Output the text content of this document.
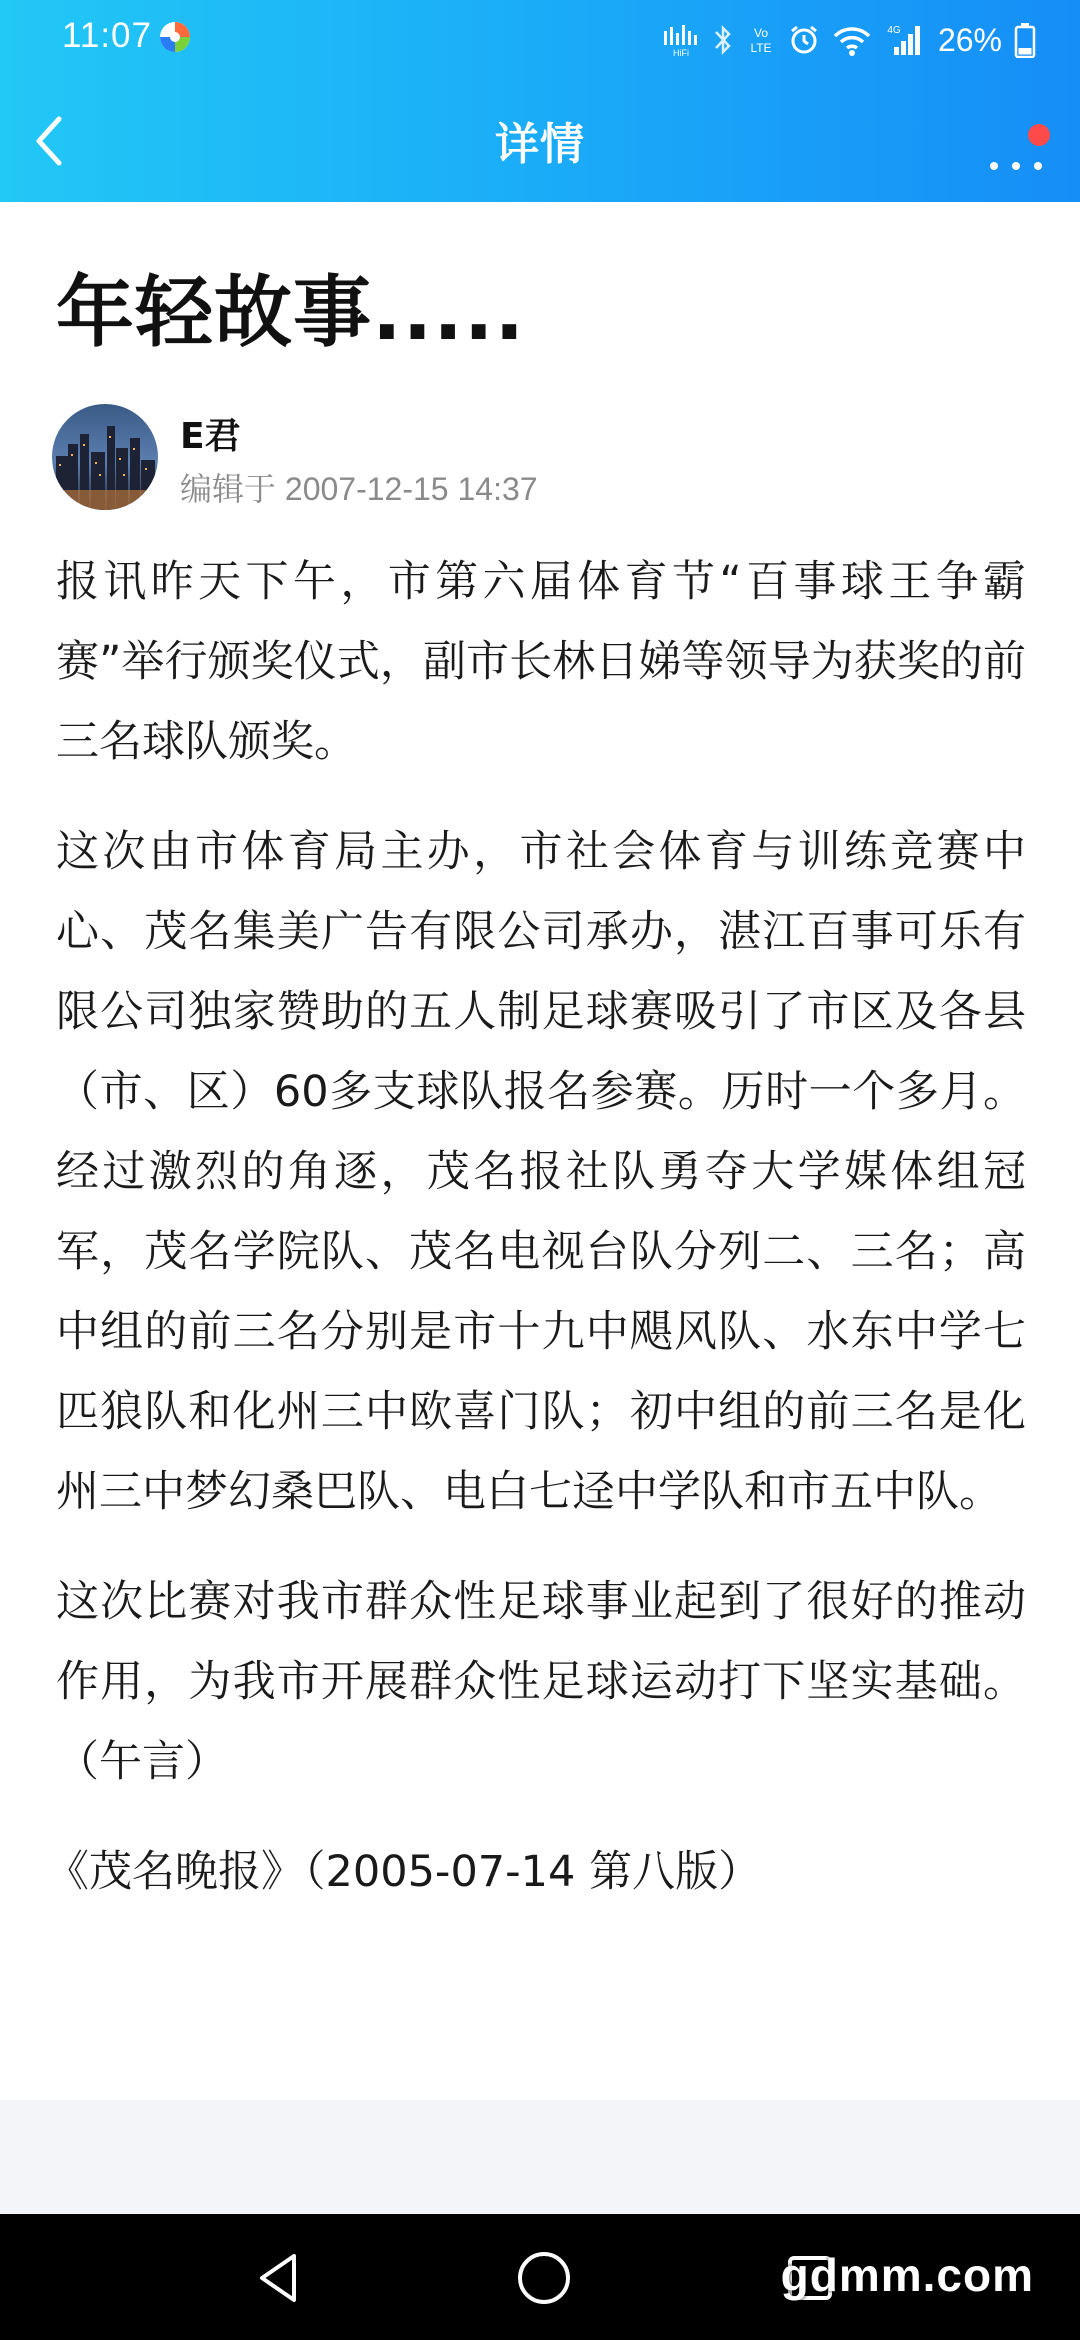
11:07	HiFi
Vo
LTE
4G 26%
详情
年轻故事.....
E君
编辑于 2007-12-15 14:37

报讯昨天下午，市第六届体育节“百事球王争霸赛”举行颁奖仪式，副市长林日娣等领导为获奖的前三名球队颁奖。

这次由市体育局主办，市社会体育与训练竞赛中心、茂名集美广告有限公司承办，湛江百事可乐有限公司独家赞助的五人制足球赛吸引了市区及各县（市、区）60多支球队报名参赛。历时一个多月。经过激烈的角逐，茂名报社队勇夺大学媒体组冠军，茂名学院队、茂名电视台队分列二、三名；高中组的前三名分别是市十九中飓风队、水东中学七匹狼队和化州三中欧喜门队；初中组的前三名是化州三中梦幻桑巴队、电白七迳中学队和市五中队。

这次比赛对我市群众性足球事业起到了很好的推动作用，为我市开展群众性足球运动打下坚实基础。（午言）

《茂名晚报》（2005-07-14 第八版）

gdmm.com
